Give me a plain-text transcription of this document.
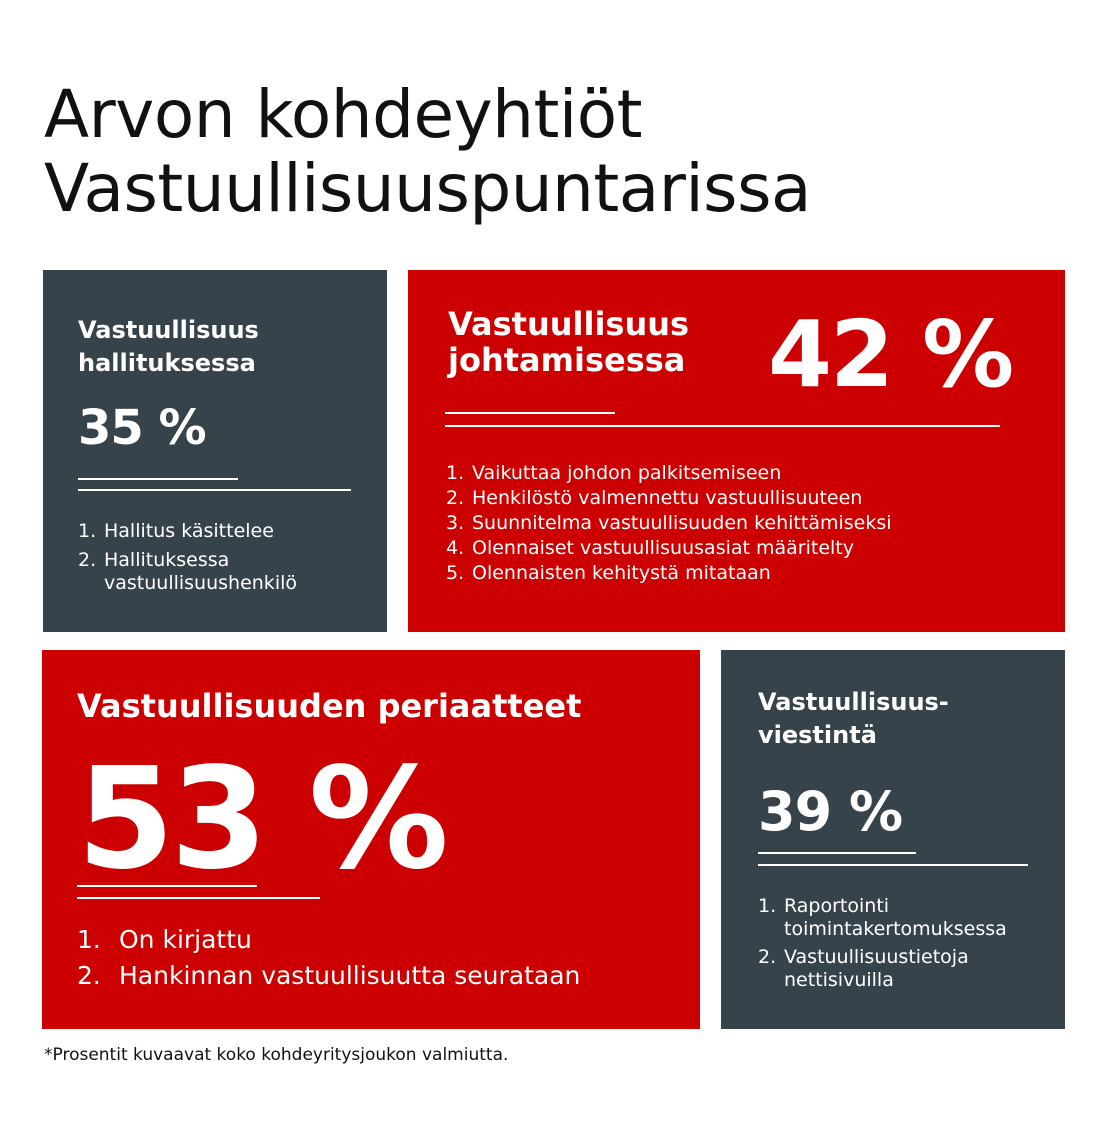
Arvon kohdeyhtiöt
Vastuullisuuspuntarissa
Vastuullisuus
hallituksessa
35 %
1. Hallitus käsittelee
2. Hallituksessa
vastuullisuushenkilö
Vastuullisuus
johtamisessa 42 %
1. Vaikuttaa johdon palkitsemiseen
2. Henkilöstö valmennettu vastuullisuuteen
3. Suunnitelma vastuullisuuden kehittämiseksi
4. Olennaiset vastuullisuusasiat määritelty
5. Olennaisten kehitystä mitataan
Vastuullisuuden periaatteet
53 %
1. On kirjattu
2. Hankinnan vastuullisuutta seurataan
Vastuullisuus-
viestintä
39 %
1. Raportointi
toimintakertomuksessa
2. Vastuullisuustietoja
nettisivuilla

*Prosentit kuvaavat koko kohdeyritysjoukon valmiutta.
